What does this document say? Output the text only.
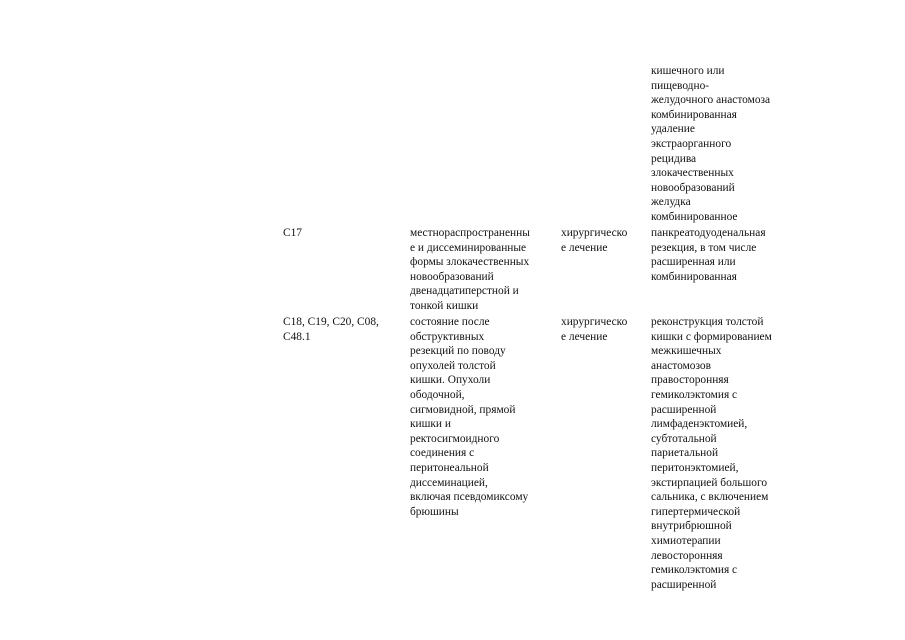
кишечного или
пищеводно-
желудочного анастомоза
комбинированная
удаление
экстраорганного
рецидива
злокачественных
новообразований
желудка
комбинированное
C17	местнораспространенны
е и диссеминированные
формы злокачественных
новообразований
двенадцатиперстной и
тонкой кишки
хирургическо
е лечение
панкреатодуоденальная
резекция, в том числе
расширенная или
комбинированная
C18, C19, C20, C08,
C48.1
состояние после
обструктивных
резекций по поводу
опухолей толстой
кишки. Опухоли
ободочной,
сигмовидной, прямой
кишки и
ректосигмоидного
соединения с
перитонеальной
диссеминацией,
включая псевдомиксому
брюшины
хирургическо
е лечение
реконструкция толстой
кишки с формированием
межкишечных
анастомозов
правосторонняя
гемиколэктомия с
расширенной
лимфаденэктомией,
субтотальной
париетальной
перитонэктомией,
экстирпацией большого
сальника, с включением
гипертермической
внутрибрюшной
химиотерапии
левосторонняя
гемиколэктомия с
расширенной
